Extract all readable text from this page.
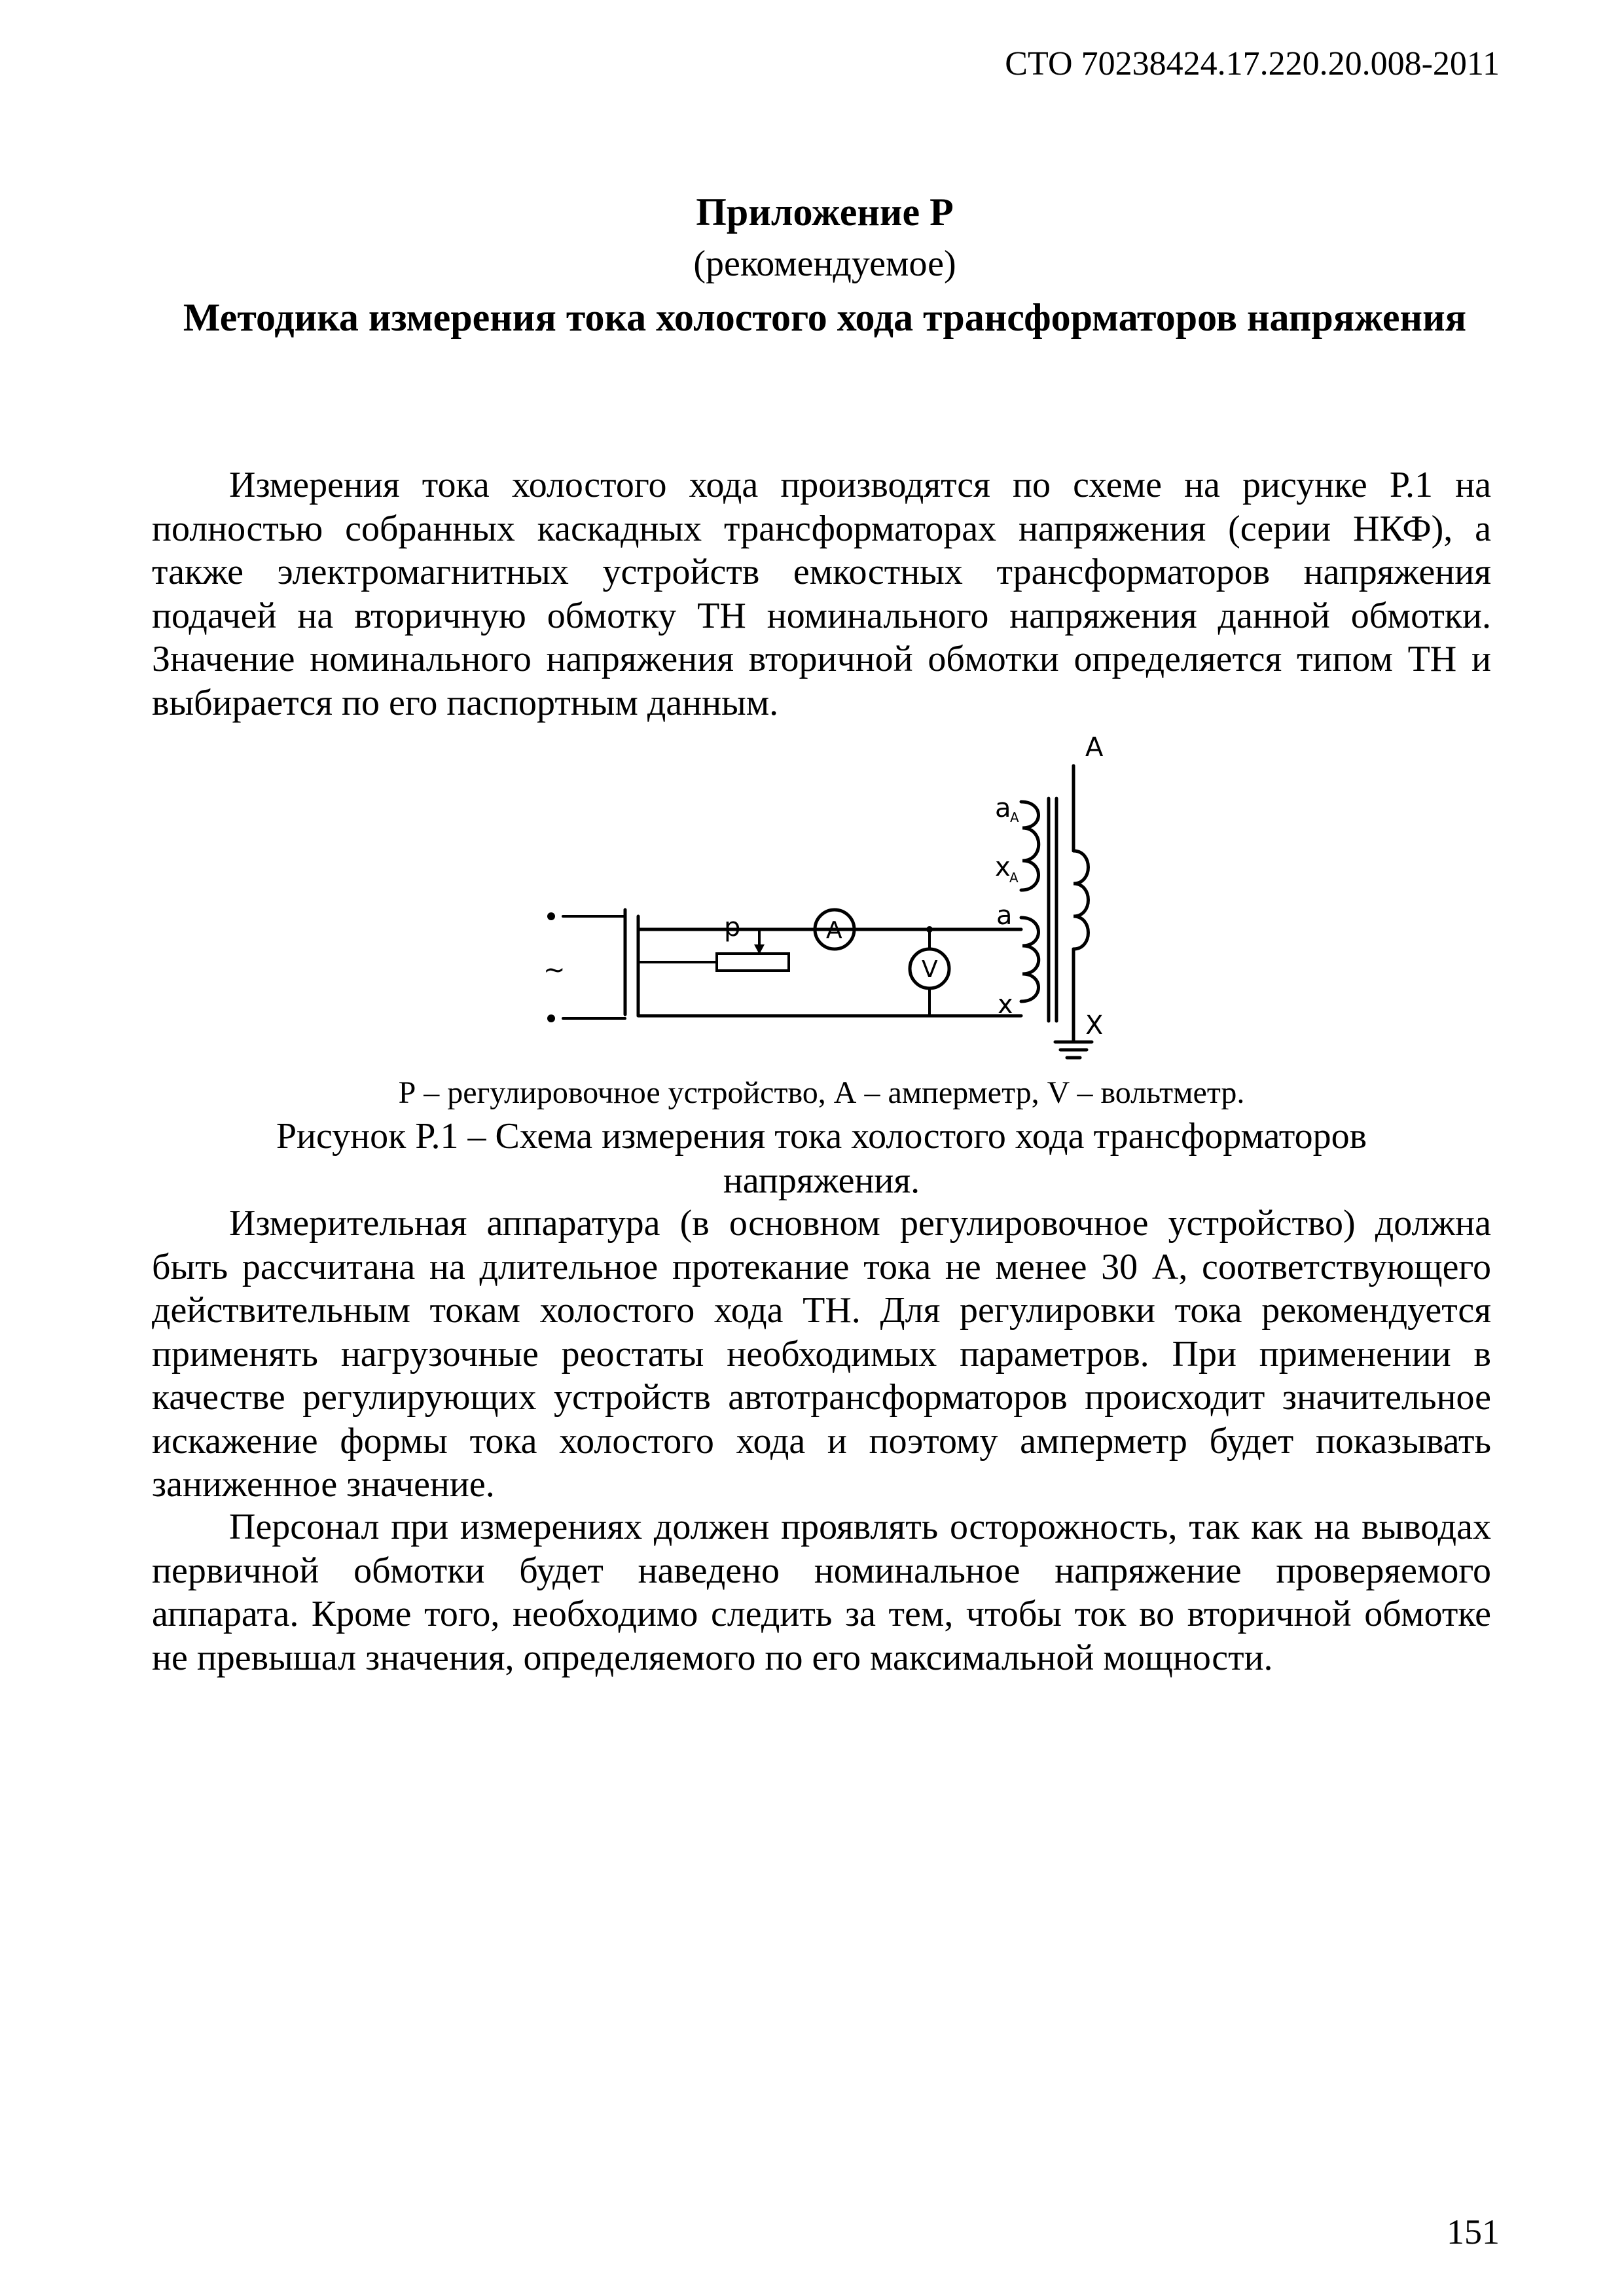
СТО 70238424.17.220.20.008-2011
Приложение Р
(рекомендуемое)
Методика измерения тока холостого хода трансформаторов напряжения

Измерения тока холостого хода производятся по схеме на рисунке Р.1 на полностью собранных каскадных трансформаторах напряжения (серии НКФ), а также электромагнитных устройств емкостных трансформаторов напряжения подачей на вторичную обмотку ТН номинального напряжения данной обмотки. Значение номинального напряжения вторичной обмотки определяется типом ТН и выбирается по его паспортным данным.

~
р	A
V
A
X
a
A
x
A
a
x
Р – регулировочное устройство, А – амперметр, V – вольтметр.
Рисунок Р.1 – Схема измерения тока холостого хода трансформаторов напряжения.

Измерительная аппаратура (в основном регулировочное устройство) должна быть рассчитана на длительное протекание тока не менее 30 А, соответствующего действительным токам холостого хода ТН. Для регулировки тока рекомендуется применять нагрузочные реостаты необходимых параметров. При применении в качестве регулирующих устройств автотрансформаторов происходит значительное искажение формы тока холостого хода и поэтому амперметр будет показывать заниженное значение.

Персонал при измерениях должен проявлять осторожность, так как на выводах первичной обмотки будет наведено номинальное напряжение проверяемого аппарата. Кроме того, необходимо следить за тем, чтобы ток во вторичной обмотке не превышал значения, определяемого по его максимальной мощности.

151
